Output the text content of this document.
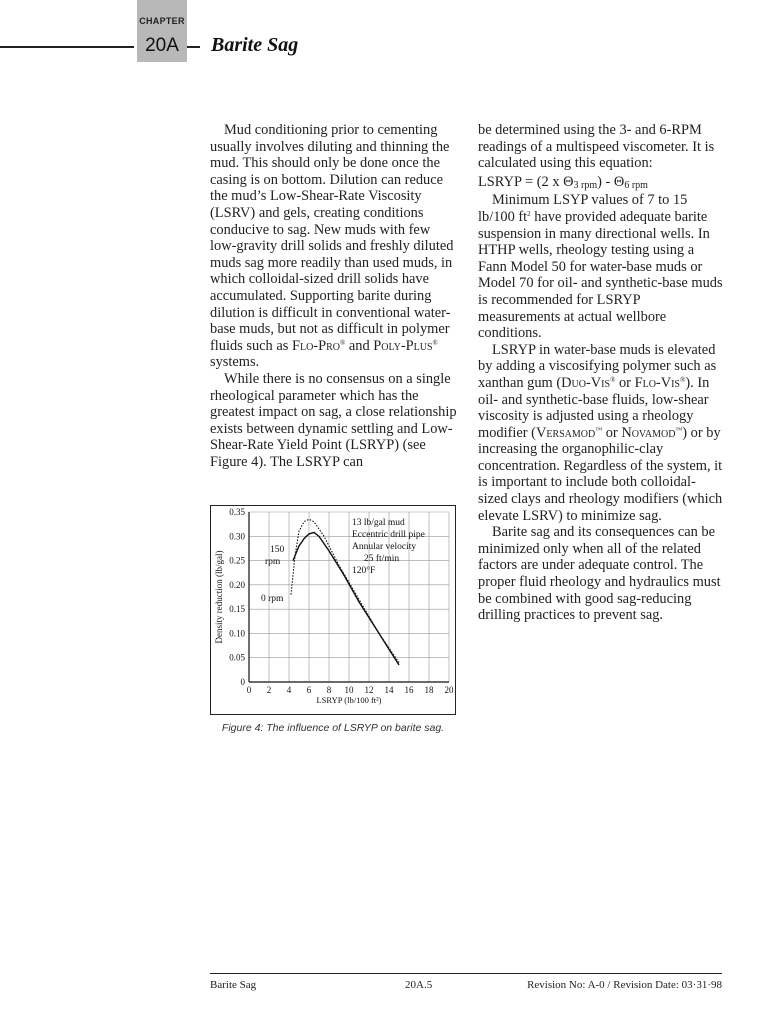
CHAPTER
20A	Barite Sag

Mud conditioning prior to cementing usually involves diluting and thinning the mud. This should only be done once the casing is on bottom. Dilution can reduce the mud’s Low-Shear-Rate Viscosity (LSRV) and gels, creating conditions conducive to sag. New muds with few low-gravity drill solids and freshly diluted muds sag more readily than used muds, in which colloidal-sized drill solids have accumulated. Supporting barite during dilution is difficult in conventional water-base muds, but not as difficult in polymer fluids such as Flo-Pro® and Poly-Plus® systems.

While there is no consensus on a single rheological parameter which has the greatest impact on sag, a close relationship exists between dynamic settling and Low-Shear-Rate Yield Point (LSRYP) (see Figure 4). The LSRYP can

0 2 4 6 8 10 12 14 16 18 20
0
0.05
0.10
0.15
0.20
0.25
0.30
0.35
LSRYP (lb/100 ft²)
Density reduction (lb/gal)
13 lb/gal mud
Eccentric drill pipe
Annular velocity
25 ft/min
120°F
150
rpm
0 rpm
Figure 4: The influence of LSRYP on barite sag.

be determined using the 3- and 6-RPM readings of a multispeed viscometer. It is calculated using this equation:

LSRYP = (2 x $\Theta_{3 rpm}) - \Theta_{6 rpm}$

Minimum LSYP values of 7 to 15 lb/100 $ft^2$ have provided adequate barite suspension in many directional wells. In HTHP wells, rheology testing using a Fann Model 50 for water-base muds or Model 70 for oil- and synthetic-base muds is recommended for LSRYP measurements at actual wellbore conditions.

LSRYP in water-base muds is elevated by adding a viscosifying polymer such as xanthan gum (Duo-Vis® or Flo-Vis®). In oil- and synthetic-base fluids, low-shear viscosity is adjusted using a rheology modifier (Versamod™ or Novamod™) or by increasing the organophilic-clay concentration. Regardless of the system, it is important to include both colloidal-sized clays and rheology modifiers (which elevate LSRV) to minimize sag.

Barite sag and its consequences can be minimized only when all of the related factors are under adequate control. The proper fluid rheology and hydraulics must be combined with good sag-reducing drilling practices to prevent sag.

Barite Sag	20A.5	Revision No: A-0 / Revision Date: 03·31·98
